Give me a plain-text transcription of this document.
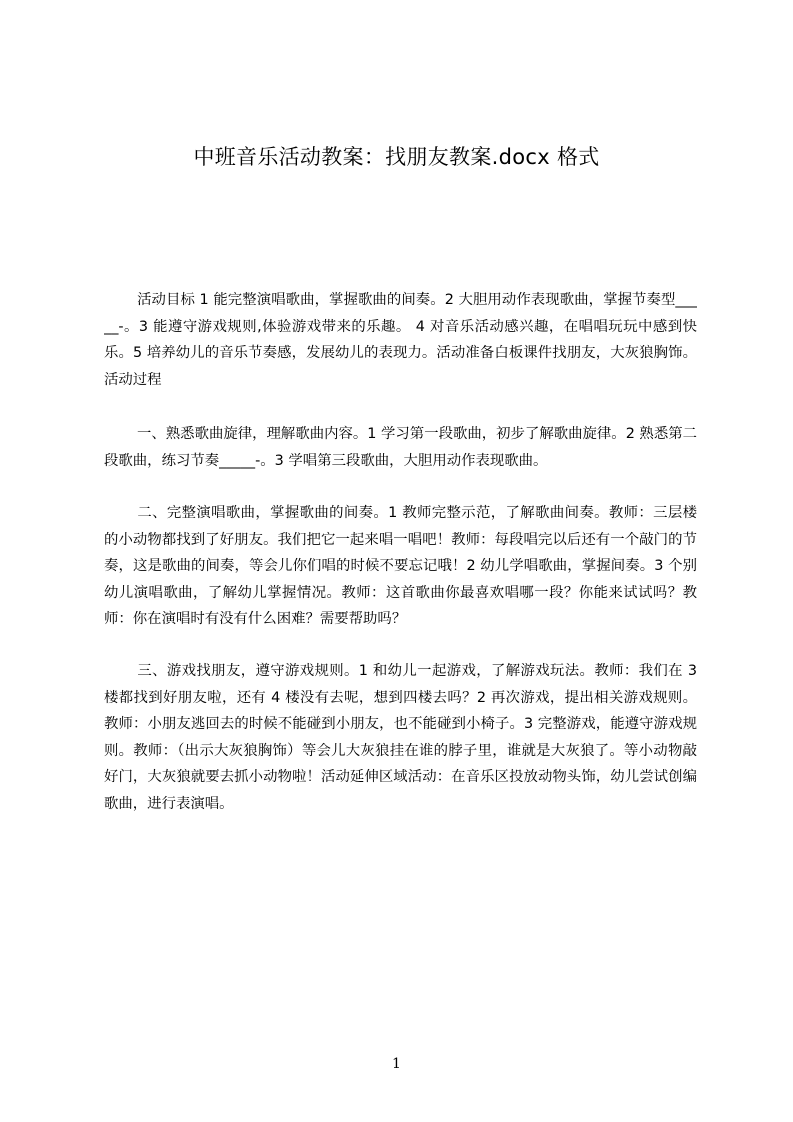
中班音乐活动教案：找朋友教案.docx 格式

活动目标 1 能完整演唱歌曲，掌握歌曲的间奏。2 大胆用动作表现歌曲，掌握节奏型_____-。3 能遵守游戏规则,体验游戏带来的乐趣。 4 对音乐活动感兴趣，在唱唱玩玩中感到快乐。5 培养幼儿的音乐节奏感，发展幼儿的表现力。活动准备白板课件找朋友，大灰狼胸饰。活动过程

一、熟悉歌曲旋律，理解歌曲内容。1 学习第一段歌曲，初步了解歌曲旋律。2 熟悉第二段歌曲，练习节奏_____-。3 学唱第三段歌曲，大胆用动作表现歌曲。

二、完整演唱歌曲，掌握歌曲的间奏。1 教师完整示范，了解歌曲间奏。教师：三层楼的小动物都找到了好朋友。我们把它一起来唱一唱吧！教师：每段唱完以后还有一个敲门的节奏，这是歌曲的间奏，等会儿你们唱的时候不要忘记哦！2 幼儿学唱歌曲，掌握间奏。3 个别幼儿演唱歌曲，了解幼儿掌握情况。教师：这首歌曲你最喜欢唱哪一段？你能来试试吗？教师：你在演唱时有没有什么困难？需要帮助吗？

三、游戏找朋友，遵守游戏规则。1 和幼儿一起游戏，了解游戏玩法。教师：我们在 3 楼都找到好朋友啦，还有 4 楼没有去呢，想到四楼去吗？2 再次游戏，提出相关游戏规则。教师：小朋友逃回去的时候不能碰到小朋友，也不能碰到小椅子。3 完整游戏，能遵守游戏规则。教师：（出示大灰狼胸饰）等会儿大灰狼挂在谁的脖子里，谁就是大灰狼了。等小动物敲好门，大灰狼就要去抓小动物啦！活动延伸区域活动：在音乐区投放动物头饰，幼儿尝试创编歌曲，进行表演唱。

1
